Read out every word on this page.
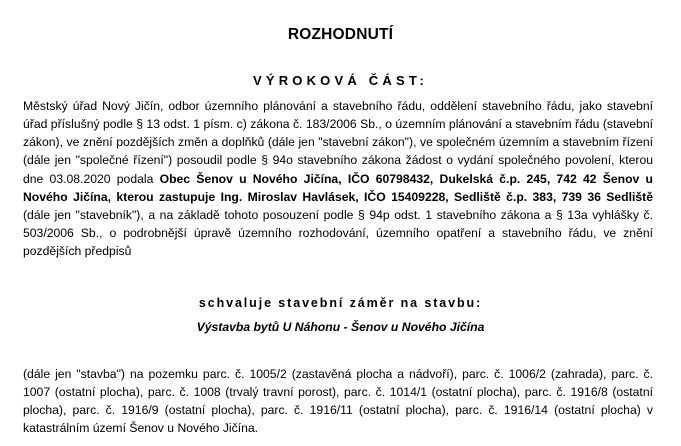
ROZHODNUTÍ
VÝROKOVÁ ČÁST:
Městský úřad Nový Jičín, odbor územního plánování a stavebního řádu, oddělení stavebního řádu, jako stavební úřad příslušný podle § 13 odst. 1 písm. c) zákona č. 183/2006 Sb., o územním plánování a stavebním řádu (stavební zákon), ve znění pozdějších změn a doplňků (dále jen "stavební zákon"), ve společném územním a stavebním řízení (dále jen "společné řízení") posoudil podle § 94o stavebního zákona žádost o vydání společného povolení, kterou dne 03.08.2020 podala Obec Šenov u Nového Jičína, IČO 60798432, Dukelská č.p. 245, 742 42 Šenov u Nového Jičína, kterou zastupuje Ing. Miroslav Havlásek, IČO 15409228, Sedliště č.p. 383, 739 36 Sedliště (dále jen "stavebník"), a na základě tohoto posouzení podle § 94p odst. 1 stavebního zákona a § 13a vyhlášky č. 503/2006 Sb., o podrobnější úpravě územního rozhodování, územního opatření a stavebního řádu, ve znění pozdějších předpisů
schvaluje stavební záměr na stavbu:
Výstavba bytů U Náhonu - Šenov u Nového Jičína
(dále jen "stavba") na pozemku parc. č. 1005/2 (zastavěná plocha a nádvoří), parc. č. 1006/2 (zahrada), parc. č. 1007 (ostatní plocha), parc. č. 1008 (trvalý travní porost), parc. č. 1014/1 (ostatní plocha), parc. č. 1916/8 (ostatní plocha), parc. č. 1916/9 (ostatní plocha), parc. č. 1916/11 (ostatní plocha), parc. č. 1916/14 (ostatní plocha) v katastrálním území Šenov u Nového Jičína.
